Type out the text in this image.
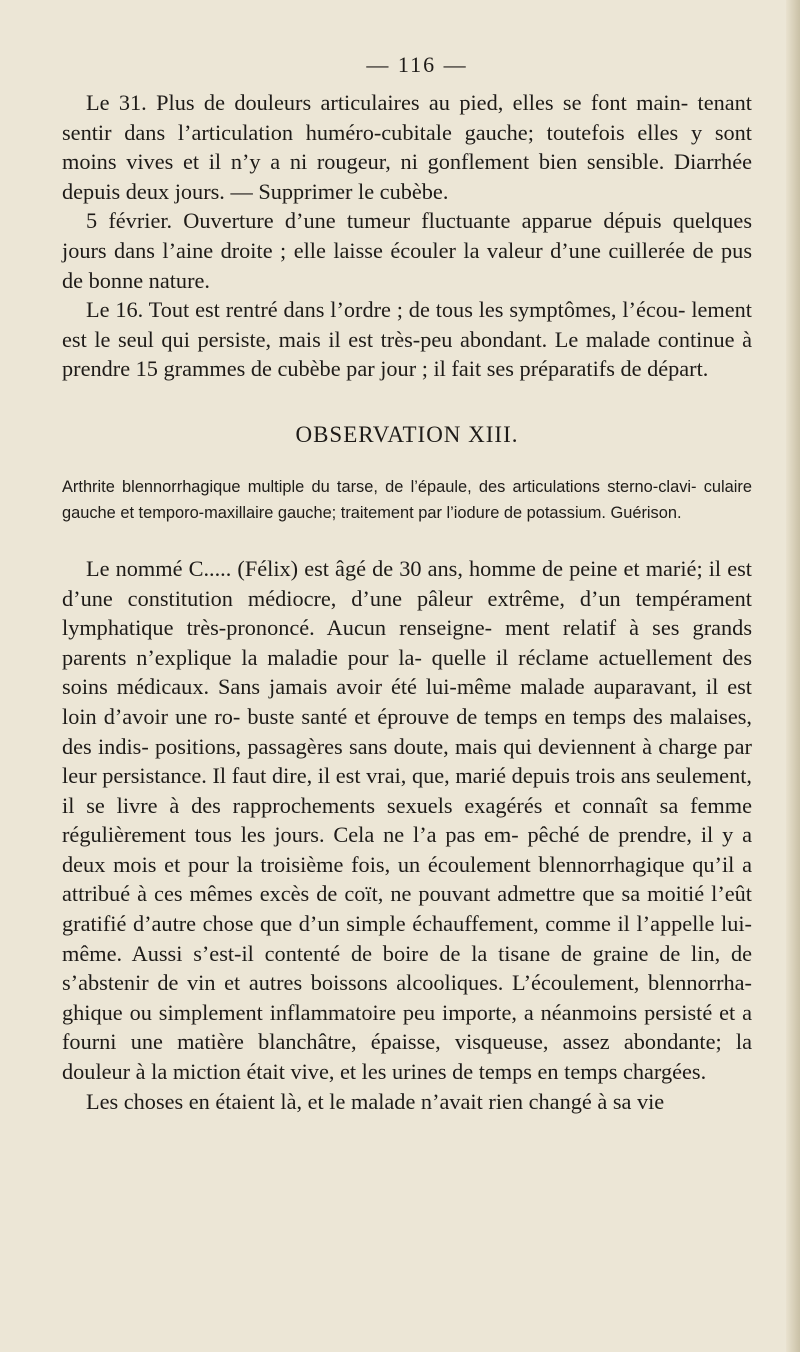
— 116 —

Le 31. Plus de douleurs articulaires au pied, elles se font main- tenant sentir dans l’articulation huméro-cubitale gauche; toutefois elles y sont moins vives et il n’y a ni rougeur, ni gonflement bien sensible. Diarrhée depuis deux jours. — Supprimer le cubèbe.

5 février. Ouverture d’une tumeur fluctuante apparue dépuis quelques jours dans l’aine droite ; elle laisse écouler la valeur d’une cuillerée de pus de bonne nature.

Le 16. Tout est rentré dans l’ordre ; de tous les symptômes, l’écou- lement est le seul qui persiste, mais il est très-peu abondant. Le malade continue à prendre 15 grammes de cubèbe par jour ; il fait ses préparatifs de départ.

OBSERVATION XIII.

Arthrite blennorrhagique multiple du tarse, de l’épaule, des articulations sterno-clavi- culaire gauche et temporo-maxillaire gauche; traitement par l’iodure de potassium. Guérison.

Le nommé C..... (Félix) est âgé de 30 ans, homme de peine et marié; il est d’une constitution médiocre, d’une pâleur extrême, d’un tempérament lymphatique très-prononcé. Aucun renseigne- ment relatif à ses grands parents n’explique la maladie pour la- quelle il réclame actuellement des soins médicaux. Sans jamais avoir été lui-même malade auparavant, il est loin d’avoir une ro- buste santé et éprouve de temps en temps des malaises, des indis- positions, passagères sans doute, mais qui deviennent à charge par leur persistance. Il faut dire, il est vrai, que, marié depuis trois ans seulement, il se livre à des rapprochements sexuels exagérés et connaît sa femme régulièrement tous les jours. Cela ne l’a pas em- pêché de prendre, il y a deux mois et pour la troisième fois, un écoulement blennorrhagique qu’il a attribué à ces mêmes excès de coït, ne pouvant admettre que sa moitié l’eût gratifié d’autre chose que d’un simple échauffement, comme il l’appelle lui-même. Aussi s’est-il contenté de boire de la tisane de graine de lin, de s’abstenir de vin et autres boissons alcooliques. L’écoulement, blennorrha- ghique ou simplement inflammatoire peu importe, a néanmoins persisté et a fourni une matière blanchâtre, épaisse, visqueuse, assez abondante; la douleur à la miction était vive, et les urines de temps en temps chargées.

Les choses en étaient là, et le malade n’avait rien changé à sa vie
